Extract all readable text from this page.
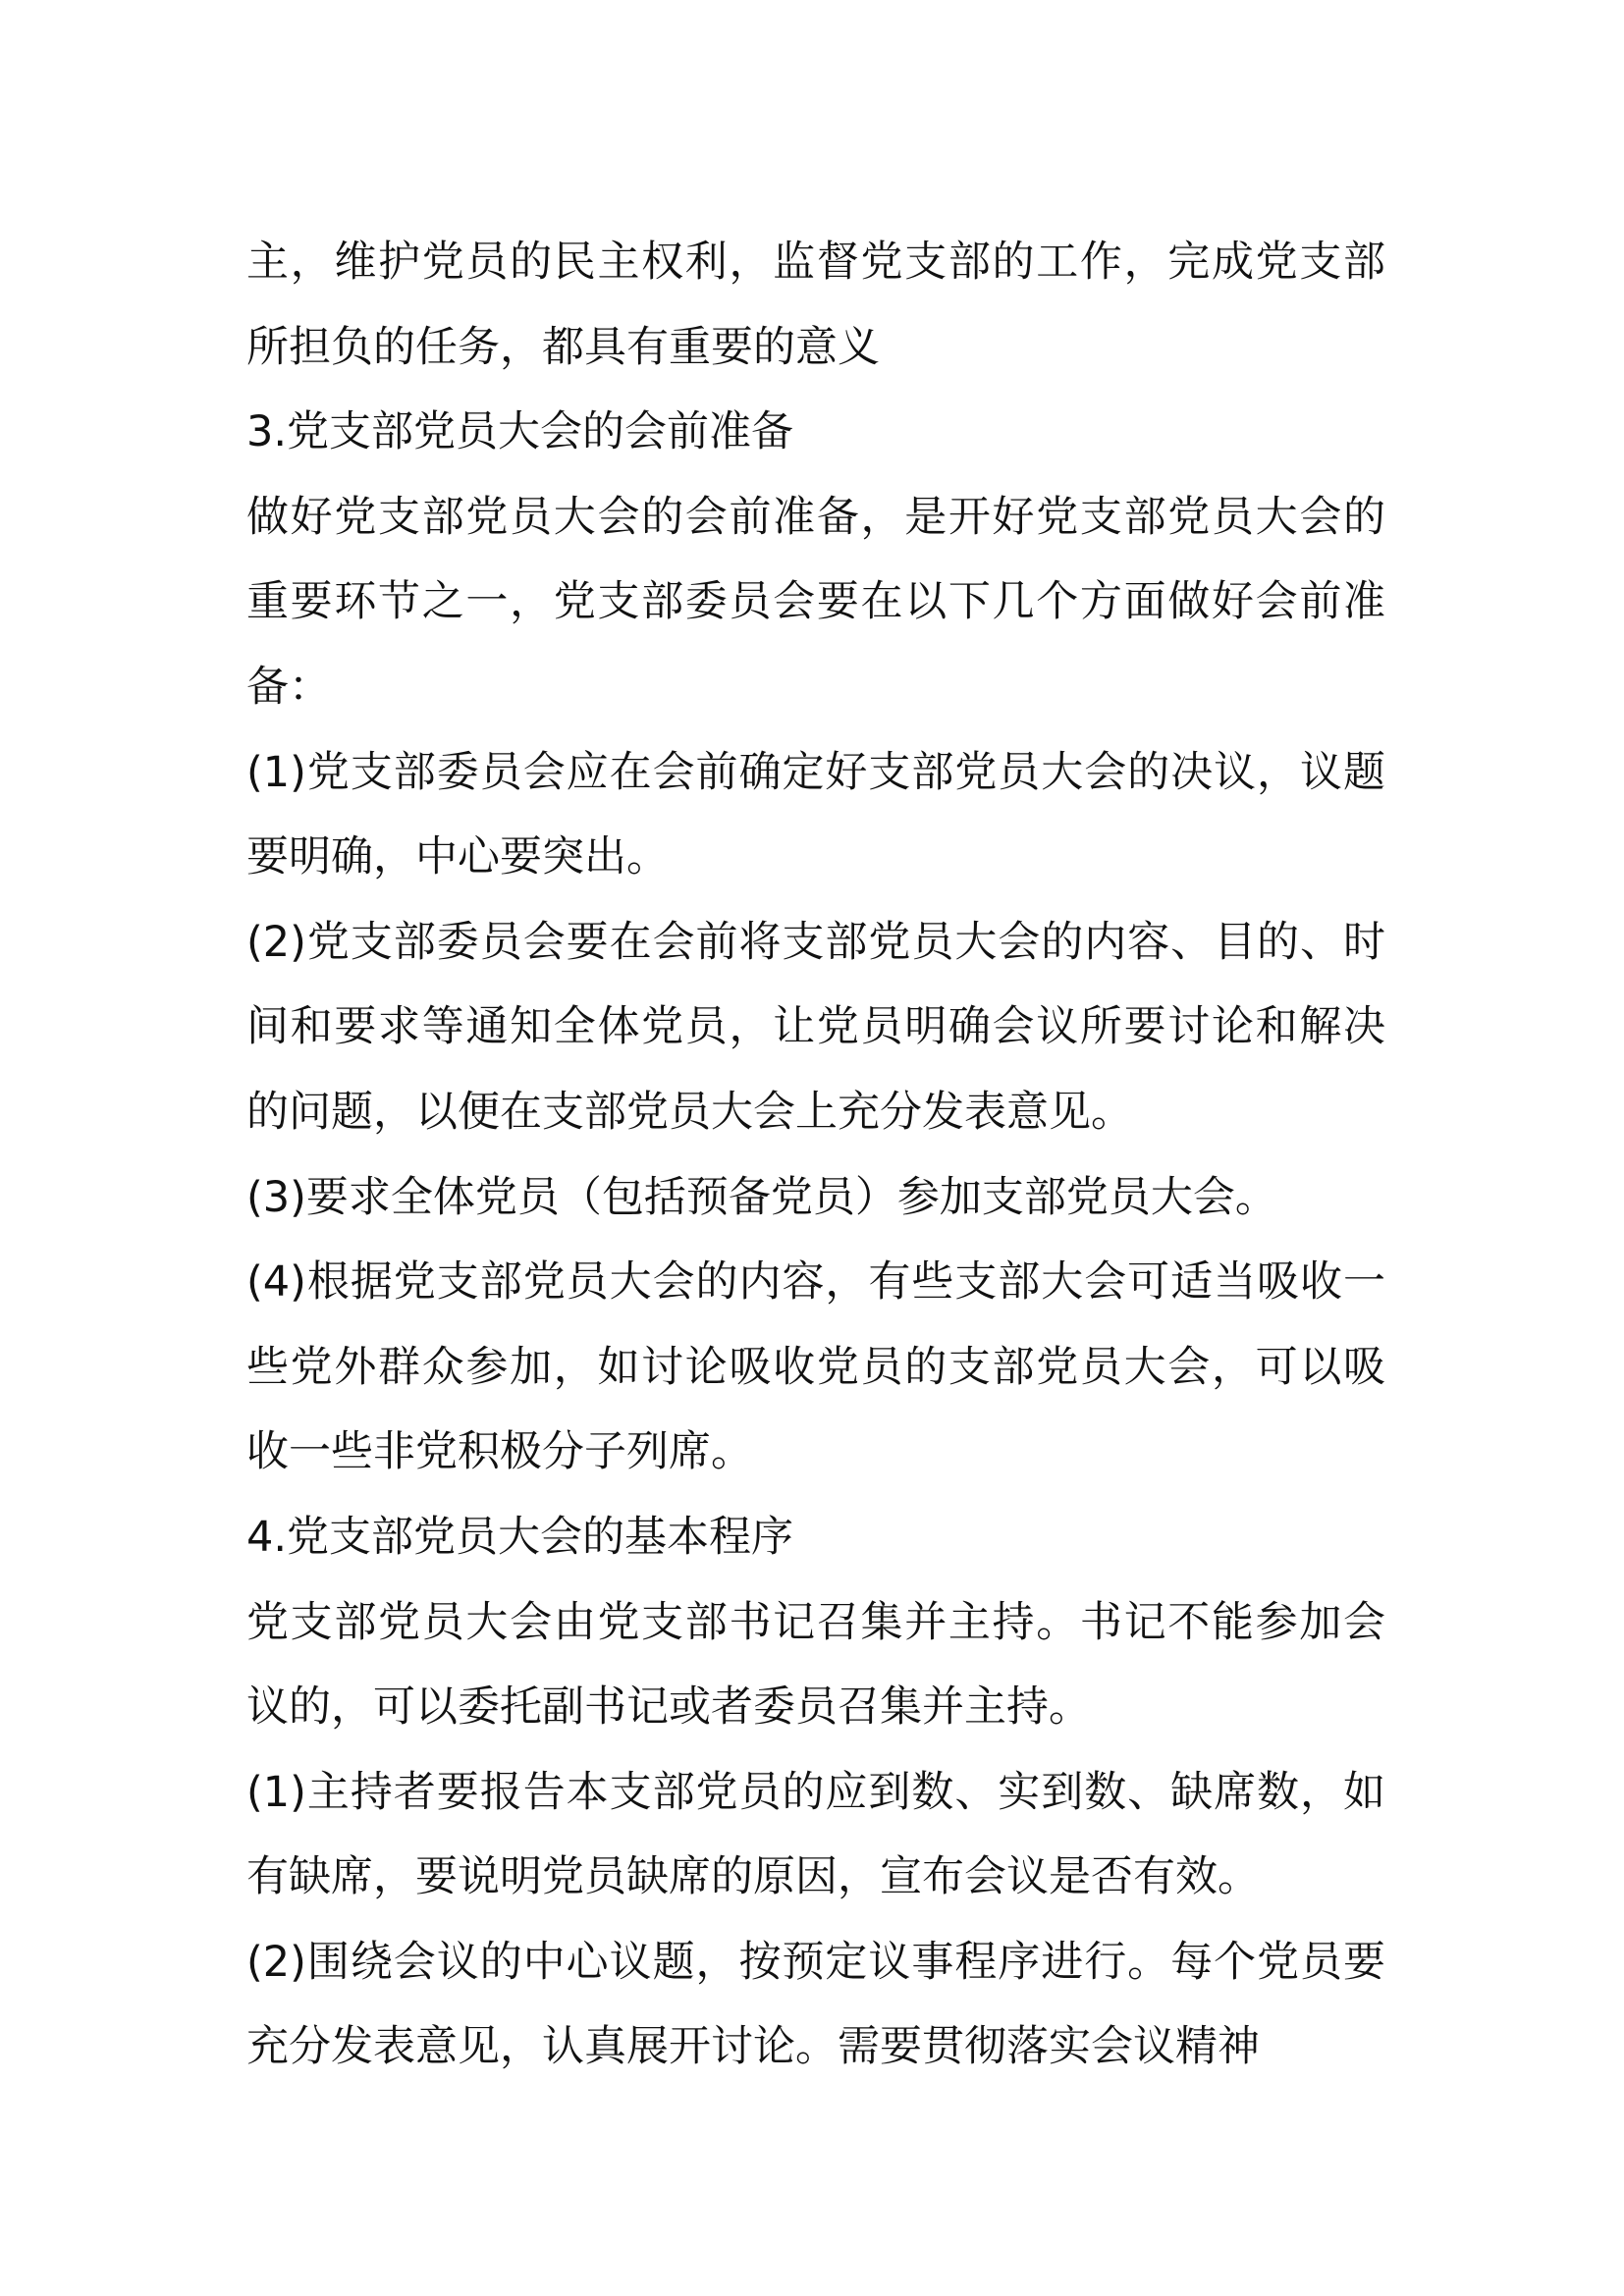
主，维护党员的民主权利，监督党支部的工作，完成党支部所担负的任务，都具有重要的意义

3.党支部党员大会的会前准备

做好党支部党员大会的会前准备，是开好党支部党员大会的重要环节之一，党支部委员会要在以下几个方面做好会前准备：

(1)党支部委员会应在会前确定好支部党员大会的决议，议题要明确，中心要突出。

(2)党支部委员会要在会前将支部党员大会的内容、目的、时间和要求等通知全体党员，让党员明确会议所要讨论和解决的问题，以便在支部党员大会上充分发表意见。

(3)要求全体党员（包括预备党员）参加支部党员大会。

(4)根据党支部党员大会的内容，有些支部大会可适当吸收一些党外群众参加，如讨论吸收党员的支部党员大会，可以吸收一些非党积极分子列席。

4.党支部党员大会的基本程序

党支部党员大会由党支部书记召集并主持。书记不能参加会议的，可以委托副书记或者委员召集并主持。

(1)主持者要报告本支部党员的应到数、实到数、缺席数，如有缺席，要说明党员缺席的原因，宣布会议是否有效。

(2)围绕会议的中心议题，按预定议事程序进行。每个党员要充分发表意见，认真展开讨论。需要贯彻落实会议精神
